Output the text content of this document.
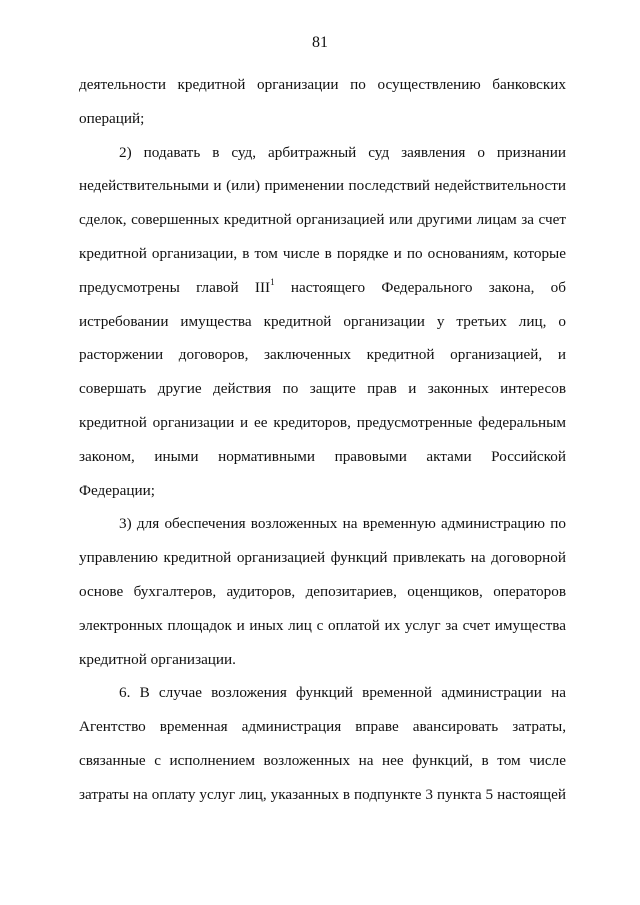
81
деятельности кредитной организации по осуществлению банковских
операций;
2) подавать в суд, арбитражный суд заявления о признании
недействительными и (или) применении последствий недействительности
сделок, совершенных кредитной организацией или другими лицам за счет
кредитной организации, в том числе в порядке и по основаниям, которые
предусмотрены главой III$^1$ настоящего Федерального закона, об
истребовании имущества кредитной организации у третьих лиц, о
расторжении договоров, заключенных кредитной организацией, и
совершать другие действия по защите прав и законных интересов
кредитной организации и ее кредиторов, предусмотренные федеральным
законом, иными нормативными правовыми актами Российской
Федерации;
3) для обеспечения возложенных на временную администрацию по
управлению кредитной организацией функций привлекать на договорной
основе бухгалтеров, аудиторов, депозитариев, оценщиков, операторов
электронных площадок и иных лиц с оплатой их услуг за счет имущества
кредитной организации.
6. В случае возложения функций временной администрации на
Агентство временная администрация вправе авансировать затраты,
связанные с исполнением возложенных на нее функций, в том числе
затраты на оплату услуг лиц, указанных в подпункте 3 пункта 5 настоящей
